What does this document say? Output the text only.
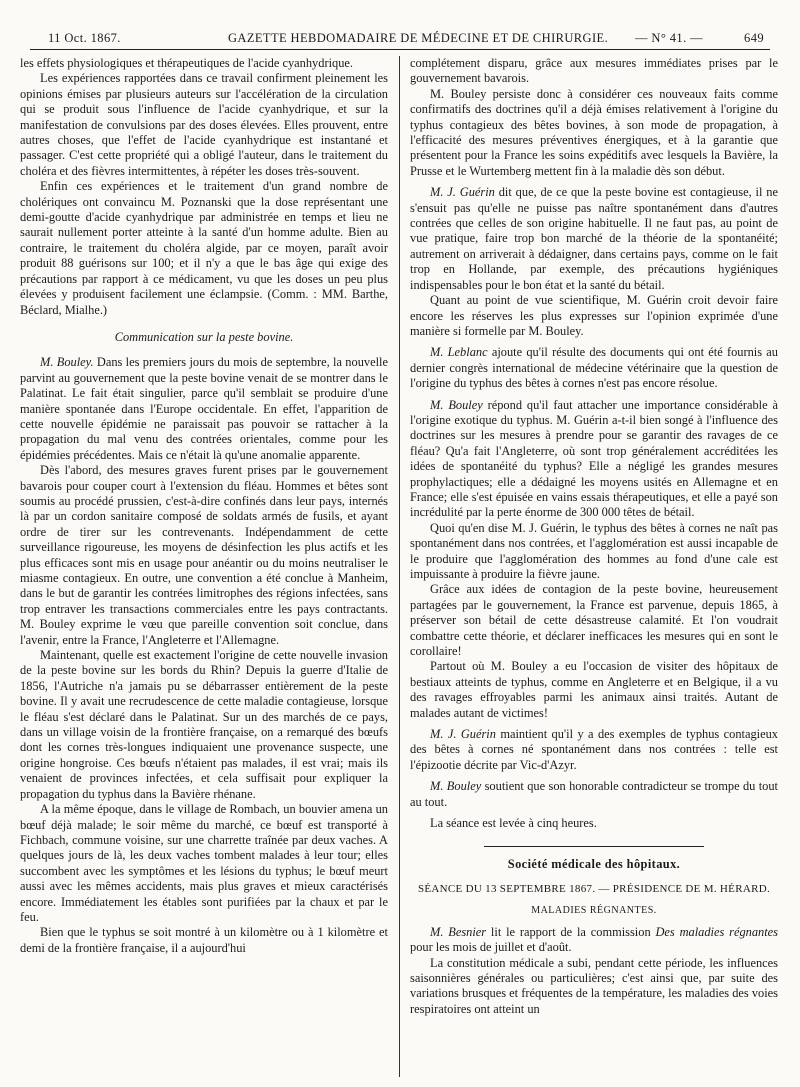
11 Oct. 1867.	GAZETTE HEBDOMADAIRE DE MÉDECINE ET DE CHIRURGIE. — N° 41. —	649

les effets physiologiques et thérapeutiques de l'acide cyanhydrique.

Les expériences rapportées dans ce travail confirment pleinement les opinions émises par plusieurs auteurs sur l'accélération de la circulation qui se produit sous l'influence de l'acide cyanhydrique, et sur la manifestation de convulsions par des doses élevées. Elles prouvent, entre autres choses, que l'effet de l'acide cyanhydrique est instantané et passager. C'est cette propriété qui a obligé l'auteur, dans le traitement du choléra et des fièvres intermittentes, à répéter les doses très-souvent.

Enfin ces expériences et le traitement d'un grand nombre de cholériques ont convaincu M. Poznanski que la dose représentant une demi-goutte d'acide cyanhydrique par administrée en temps et lieu ne saurait nullement porter atteinte à la santé d'un homme adulte. Bien au contraire, le traitement du choléra algide, par ce moyen, paraît avoir produit 88 guérisons sur 100; et il n'y a que le bas âge qui exige des précautions par rapport à ce médicament, vu que les doses un peu plus élevées y produisent facilement une éclampsie. (Comm. : MM. Barthe, Béclard, Mialhe.)

Communication sur la peste bovine.

M. Bouley. Dans les premiers jours du mois de septembre, la nouvelle parvint au gouvernement que la peste bovine venait de se montrer dans le Palatinat. Le fait était singulier, parce qu'il semblait se produire d'une manière spontanée dans l'Europe occidentale. En effet, l'apparition de cette nouvelle épidémie ne paraissait pas pouvoir se rattacher à la propagation du mal venu des contrées orientales, comme pour les épidémies précédentes. Mais ce n'était là qu'une anomalie apparente.

Dès l'abord, des mesures graves furent prises par le gouvernement bavarois pour couper court à l'extension du fléau. Hommes et bêtes sont soumis au procédé prussien, c'est-à-dire confinés dans leur pays, internés là par un cordon sanitaire composé de soldats armés de fusils, et ayant ordre de tirer sur les contrevenants. Indépendamment de cette surveillance rigoureuse, les moyens de désinfection les plus actifs et les plus efficaces sont mis en usage pour anéantir ou du moins neutraliser le miasme contagieux. En outre, une convention a été conclue à Manheim, dans le but de garantir les contrées limitrophes des régions infectées, sans trop entraver les transactions commerciales entre les pays contractants. M. Bouley exprime le vœu que pareille convention soit conclue, dans l'avenir, entre la France, l'Angleterre et l'Allemagne.

Maintenant, quelle est exactement l'origine de cette nouvelle invasion de la peste bovine sur les bords du Rhin? Depuis la guerre d'Italie de 1856, l'Autriche n'a jamais pu se débarrasser entièrement de la peste bovine. Il y avait une recrudescence de cette maladie contagieuse, lorsque le fléau s'est déclaré dans le Palatinat. Sur un des marchés de ce pays, dans un village voisin de la frontière française, on a remarqué des bœufs dont les cornes très-longues indiquaient une provenance suspecte, une origine hongroise. Ces bœufs n'étaient pas malades, il est vrai; mais ils venaient de provinces infectées, et cela suffisait pour expliquer la propagation du typhus dans la Bavière rhénane.

A la même époque, dans le village de Rombach, un bouvier amena un bœuf déjà malade; le soir même du marché, ce bœuf est transporté à Fichbach, commune voisine, sur une charrette traînée par deux vaches. A quelques jours de là, les deux vaches tombent malades à leur tour; elles succombent avec les symptômes et les lésions du typhus; le bœuf meurt aussi avec les mêmes accidents, mais plus graves et mieux caractérisés encore. Immédiatement les étables sont purifiées par la chaux et par le feu.

Bien que le typhus se soit montré à un kilomètre ou à 1 kilomètre et demi de la frontière française, il a aujourd'hui

complétement disparu, grâce aux mesures immédiates prises par le gouvernement bavarois.

M. Bouley persiste donc à considérer ces nouveaux faits comme confirmatifs des doctrines qu'il a déjà émises relativement à l'origine du typhus contagieux des bêtes bovines, à son mode de propagation, à l'efficacité des mesures préventives énergiques, et à la garantie que présentent pour la France les soins expéditifs avec lesquels la Bavière, la Prusse et le Wurtemberg mettent fin à la maladie dès son début.

M. J. Guérin dit que, de ce que la peste bovine est contagieuse, il ne s'ensuit pas qu'elle ne puisse pas naître spontanément dans d'autres contrées que celles de son origine habituelle. Il ne faut pas, au point de vue pratique, faire trop bon marché de la théorie de la spontanéité; autrement on arriverait à dédaigner, dans certains pays, comme on le fait trop en Hollande, par exemple, des précautions hygiéniques indispensables pour le bon état et la santé du bétail.

Quant au point de vue scientifique, M. Guérin croit devoir faire encore les réserves les plus expresses sur l'opinion exprimée d'une manière si formelle par M. Bouley.

M. Leblanc ajoute qu'il résulte des documents qui ont été fournis au dernier congrès international de médecine vétérinaire que la question de l'origine du typhus des bêtes à cornes n'est pas encore résolue.

M. Bouley répond qu'il faut attacher une importance considérable à l'origine exotique du typhus. M. Guérin a-t-il bien songé à l'influence des doctrines sur les mesures à prendre pour se garantir des ravages de ce fléau? Qu'a fait l'Angleterre, où sont trop généralement accréditées les idées de spontanéité du typhus? Elle a négligé les grandes mesures prophylactiques; elle a dédaigné les moyens usités en Allemagne et en France; elle s'est épuisée en vains essais thérapeutiques, et elle a payé son incrédulité par la perte énorme de 300 000 têtes de bétail.

Quoi qu'en dise M. J. Guérin, le typhus des bêtes à cornes ne naît pas spontanément dans nos contrées, et l'agglomération est aussi incapable de le produire que l'agglomération des hommes au fond d'une cale est impuissante à produire la fièvre jaune.

Grâce aux idées de contagion de la peste bovine, heureusement partagées par le gouvernement, la France est parvenue, depuis 1865, à préserver son bétail de cette désastreuse calamité. Et l'on voudrait combattre cette théorie, et déclarer inefficaces les mesures qui en sont le corollaire!

Partout où M. Bouley a eu l'occasion de visiter des hôpitaux de bestiaux atteints de typhus, comme en Angleterre et en Belgique, il a vu des ravages effroyables parmi les animaux ainsi traités. Autant de malades autant de victimes!

M. J. Guérin maintient qu'il y a des exemples de typhus contagieux des bêtes à cornes né spontanément dans nos contrées : telle est l'épizootie décrite par Vic-d'Azyr.

M. Bouley soutient que son honorable contradicteur se trompe du tout au tout.

La séance est levée à cinq heures.

Société médicale des hôpitaux.

SÉANCE DU 13 SEPTEMBRE 1867. — PRÉSIDENCE DE M. HÉRARD.

MALADIES RÉGNANTES.

M. Besnier lit le rapport de la commission Des maladies régnantes pour les mois de juillet et d'août.

La constitution médicale a subi, pendant cette période, les influences saisonnières générales ou particulières; c'est ainsi que, par suite des variations brusques et fréquentes de la température, les maladies des voies respiratoires ont atteint un
